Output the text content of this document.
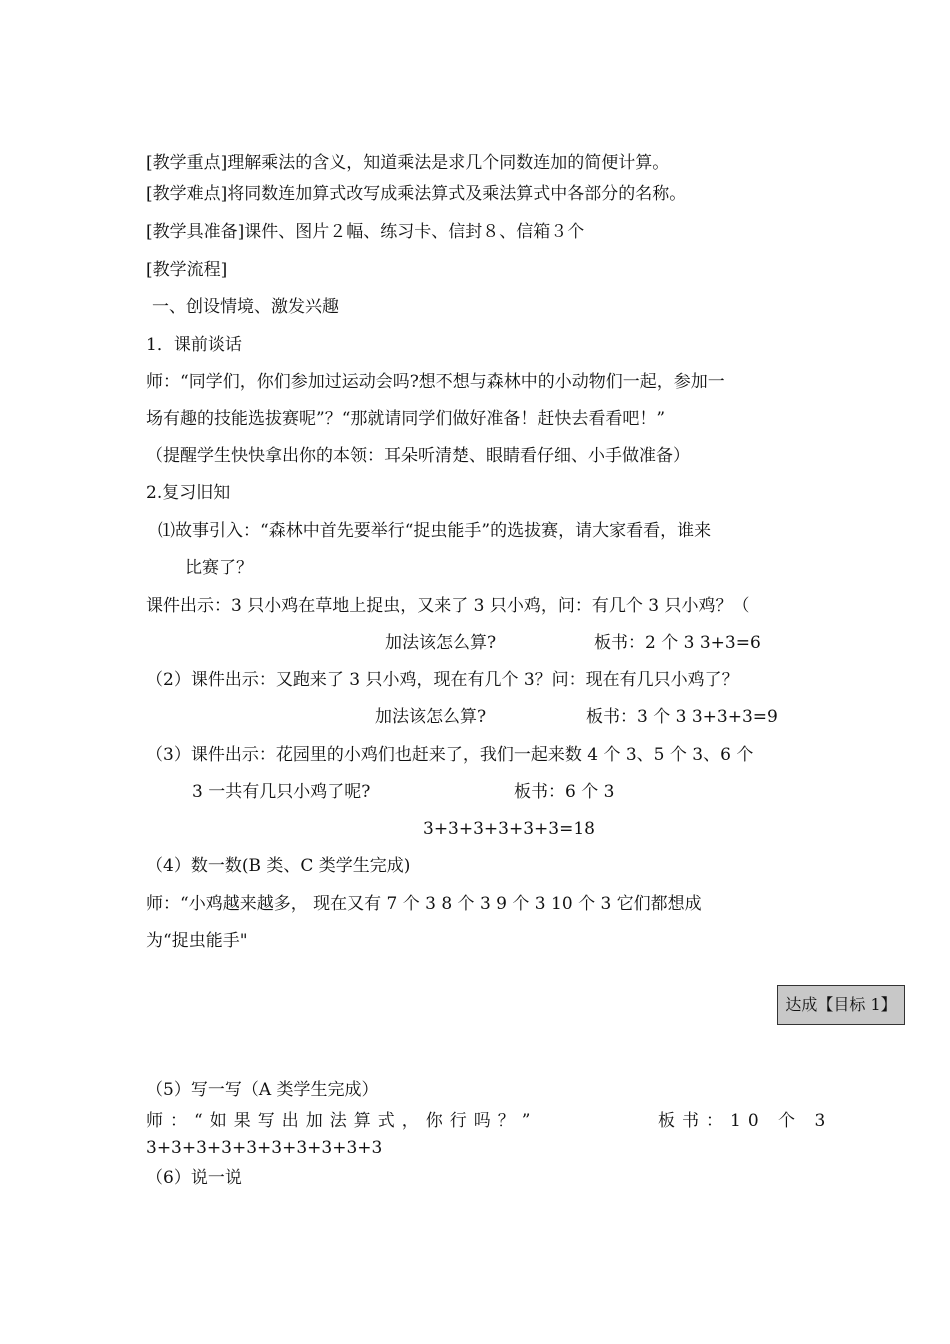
[教学重点]理解乘法的含义，知道乘法是求几个同数连加的简便计算。
[教学难点]将同数连加算式改写成乘法算式及乘法算式中各部分的名称。
[教学具准备]课件、图片２幅、练习卡、信封８、信箱３个
[教学流程]
一、创设情境、激发兴趣
1．课前谈话
师：“同学们，你们参加过运动会吗?想不想与森林中的小动物们一起，参加一
场有趣的技能选拔赛呢”？“那就请同学们做好准备！赶快去看看吧！”
（提醒学生快快拿出你的本领：耳朵听清楚、眼睛看仔细、小手做准备）
2.复习旧知
⑴故事引入：“森林中首先要举行“捉虫能手”的选拔赛，请大家看看，谁来
比赛了？
课件出示：3 只小鸡在草地上捉虫，又来了 3 只小鸡，问：有几个 3 只小鸡？（
加法该怎么算?	板书：2 个 3 3+3=6
（2）课件出示：又跑来了 3 只小鸡，现在有几个 3？问：现在有几只小鸡了？
加法该怎么算?	板书：3 个 3 3+3+3=9
（3）课件出示：花园里的小鸡们也赶来了，我们一起来数 4 个 3、5 个 3、6 个
3 一共有几只小鸡了呢?	板书：6 个 3
3+3+3+3+3+3=18
（4）数一数(B 类、C 类学生完成)
师：“小鸡越来越多， 现在又有 7 个 3 8 个 3 9 个 3 10 个 3 它们都想成
为“捉虫能手"
达成【目标 1】
（5）写一写（A 类学生完成）
师：“如果写出加法算式，你行吗？”	板书：10 个 3
3+3+3+3+3+3+3+3+3+3
（6）说一说
